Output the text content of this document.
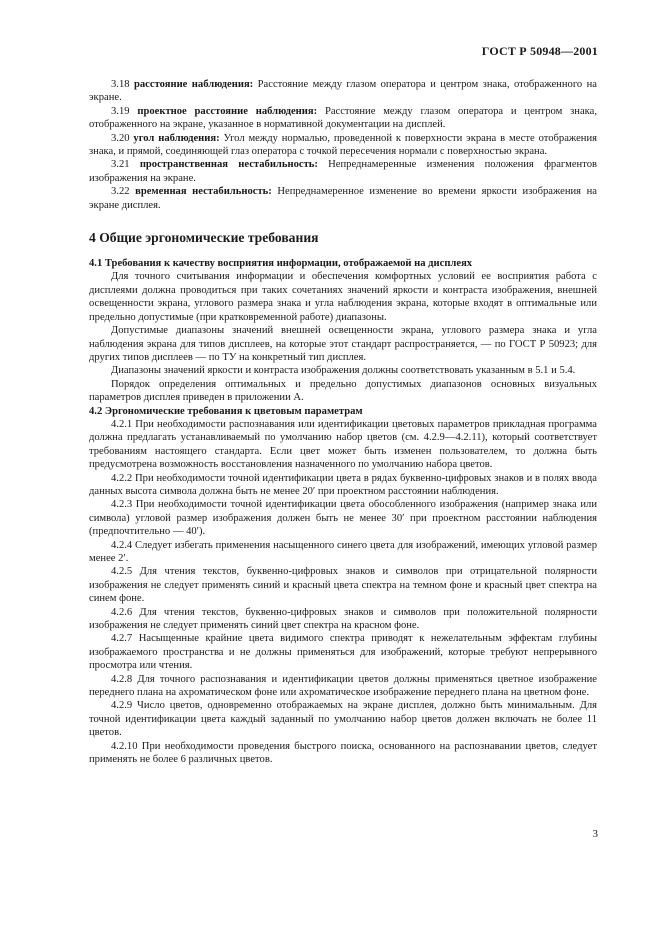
ГОСТ Р 50948—2001

3.18 расстояние наблюдения: Расстояние между глазом оператора и центром знака, отображенного на экране.

3.19 проектное расстояние наблюдения: Расстояние между глазом оператора и центром знака, отображенного на экране, указанное в нормативной документации на дисплей.

3.20 угол наблюдения: Угол между нормалью, проведенной к поверхности экрана в месте отображения знака, и прямой, соединяющей глаз оператора с точкой пересечения нормали с поверхностью экрана.

3.21 пространственная нестабильность: Непреднамеренные изменения положения фрагментов изображения на экране.

3.22 временная нестабильность: Непреднамеренное изменение во времени яркости изображения на экране дисплея.

4 Общие эргономические требования

4.1 Требования к качеству восприятия информации, отображаемой на дисплеях

Для точного считывания информации и обеспечения комфортных условий ее восприятия работа с дисплеями должна проводиться при таких сочетаниях значений яркости и контраста изображения, внешней освещенности экрана, углового размера знака и угла наблюдения экрана, которые входят в оптимальные или предельно допустимые (при кратковременной работе) диапазоны.

Допустимые диапазоны значений внешней освещенности экрана, углового размера знака и угла наблюдения экрана для типов дисплеев, на которые этот стандарт распространяется, — по ГОСТ Р 50923; для других типов дисплеев — по ТУ на конкретный тип дисплея.

Диапазоны значений яркости и контраста изображения должны соответствовать указанным в 5.1 и 5.4.

Порядок определения оптимальных и предельно допустимых диапазонов основных визуальных параметров дисплея приведен в приложении А.

4.2 Эргономические требования к цветовым параметрам

4.2.1 При необходимости распознавания или идентификации цветовых параметров прикладная программа должна предлагать устанавливаемый по умолчанию набор цветов (см. 4.2.9—4.2.11), который соответствует требованиям настоящего стандарта. Если цвет может быть изменен пользователем, то должна быть предусмотрена возможность восстановления назначенного по умолчанию набора цветов.

4.2.2 При необходимости точной идентификации цвета в рядах буквенно-цифровых знаков и в полях ввода данных высота символа должна быть не менее 20′ при проектном расстоянии наблюдения.

4.2.3 При необходимости точной идентификации цвета обособленного изображения (например знака или символа) угловой размер изображения должен быть не менее 30′ при проектном расстоянии наблюдения (предпочтительно — 40′).

4.2.4 Следует избегать применения насыщенного синего цвета для изображений, имеющих угловой размер менее 2′.

4.2.5 Для чтения текстов, буквенно-цифровых знаков и символов при отрицательной полярности изображения не следует применять синий и красный цвета спектра на темном фоне и красный цвет спектра на синем фоне.

4.2.6 Для чтения текстов, буквенно-цифровых знаков и символов при положительной полярности изображения не следует применять синий цвет спектра на красном фоне.

4.2.7 Насыщенные крайние цвета видимого спектра приводят к нежелательным эффектам глубины изображаемого пространства и не должны применяться для изображений, которые требуют непрерывного просмотра или чтения.

4.2.8 Для точного распознавания и идентификации цветов должны применяться цветное изображение переднего плана на ахроматическом фоне или ахроматическое изображение переднего плана на цветном фоне.

4.2.9 Число цветов, одновременно отображаемых на экране дисплея, должно быть минимальным. Для точной идентификации цвета каждый заданный по умолчанию набор цветов должен включать не более 11 цветов.

4.2.10 При необходимости проведения быстрого поиска, основанного на распознавании цветов, следует применять не более 6 различных цветов.

3
